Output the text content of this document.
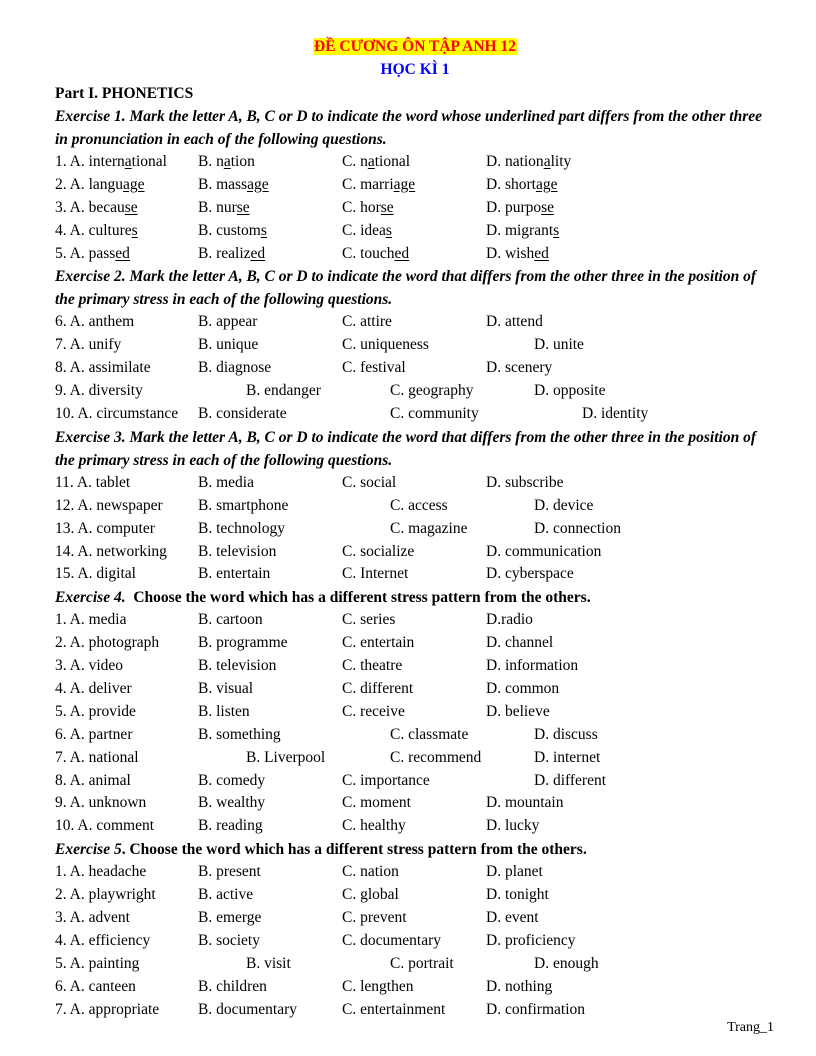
ĐỀ CƯƠNG ÔN TẬP ANH 12
HỌC KÌ 1
Part I. PHONETICS
Exercise 1. Mark the letter A, B, C or D to indicate the word whose underlined part differs from the other three in pronunciation in each of the following questions.
1. A. international B. nation	C. national	D. nationality
2. A. language	B. massage	C. marriage	D. shortage
3. A. because	B. nurse	C. horse	D. purpose
4. A. cultures	B. customs	C. ideas	D. migrants
5. A. passed	B. realized	C. touched	D. wished
Exercise 2. Mark the letter A, B, C or D to indicate the word that differs from the other three in the position of the primary stress in each of the following questions.
6. A. anthem	B. appear	C. attire	D. attend
7. A. unify	B. unique	C. uniqueness	D. unite
8. A. assimilate	B. diagnose	C. festival	D. scenery
9. A. diversity	B. endanger	C. geography	D. opposite
10. A. circumstance B. considerate	C. community	D. identity
Exercise 3. Mark the letter A, B, C or D to indicate the word that differs from the other three in the position of the primary stress in each of the following questions.
11. A. tablet	B. media	C. social	D. subscribe
12. A. newspaper B. smartphone	C. access	D. device
13. A. computer	B. technology	C. magazine	D. connection
14. A. networking B. television	C. socialize	D. communication
15. A. digital	B. entertain	C. Internet	D. cyberspace
Exercise 4.  Choose the word which has a different stress pattern from the others.
1. A. media	B. cartoon	C. series	D.radio
2. A. photograph	B. programme	C. entertain	D. channel
3. A. video	B. television	C. theatre	D. information
4. A. deliver	B. visual	C. different	D. common
5. A. provide	B. listen	C. receive	D. believe
6. A. partner	B. something	C. classmate	D. discuss
7. A. national	B. Liverpool	C. recommend	D. internet
8. A. animal	B. comedy	C. importance	D. different
9. A. unknown	B. wealthy	C. moment	D. mountain
10. A. comment	B. reading	C. healthy	D. lucky
Exercise 5. Choose the word which has a different stress pattern from the others.
1. A. headache	B. present	C. nation	D. planet
2. A. playwright	B. active	C. global	D. tonight
3. A. advent	B. emerge	C. prevent	D. event
4. A. efficiency	B. society	C. documentary	D. proficiency
5. A. painting	B. visit	C. portrait	D. enough
6. A. canteen	B. children	C. lengthen	D. nothing
7. A. appropriate	B. documentary	C. entertainment	D. confirmation
Trang_1
